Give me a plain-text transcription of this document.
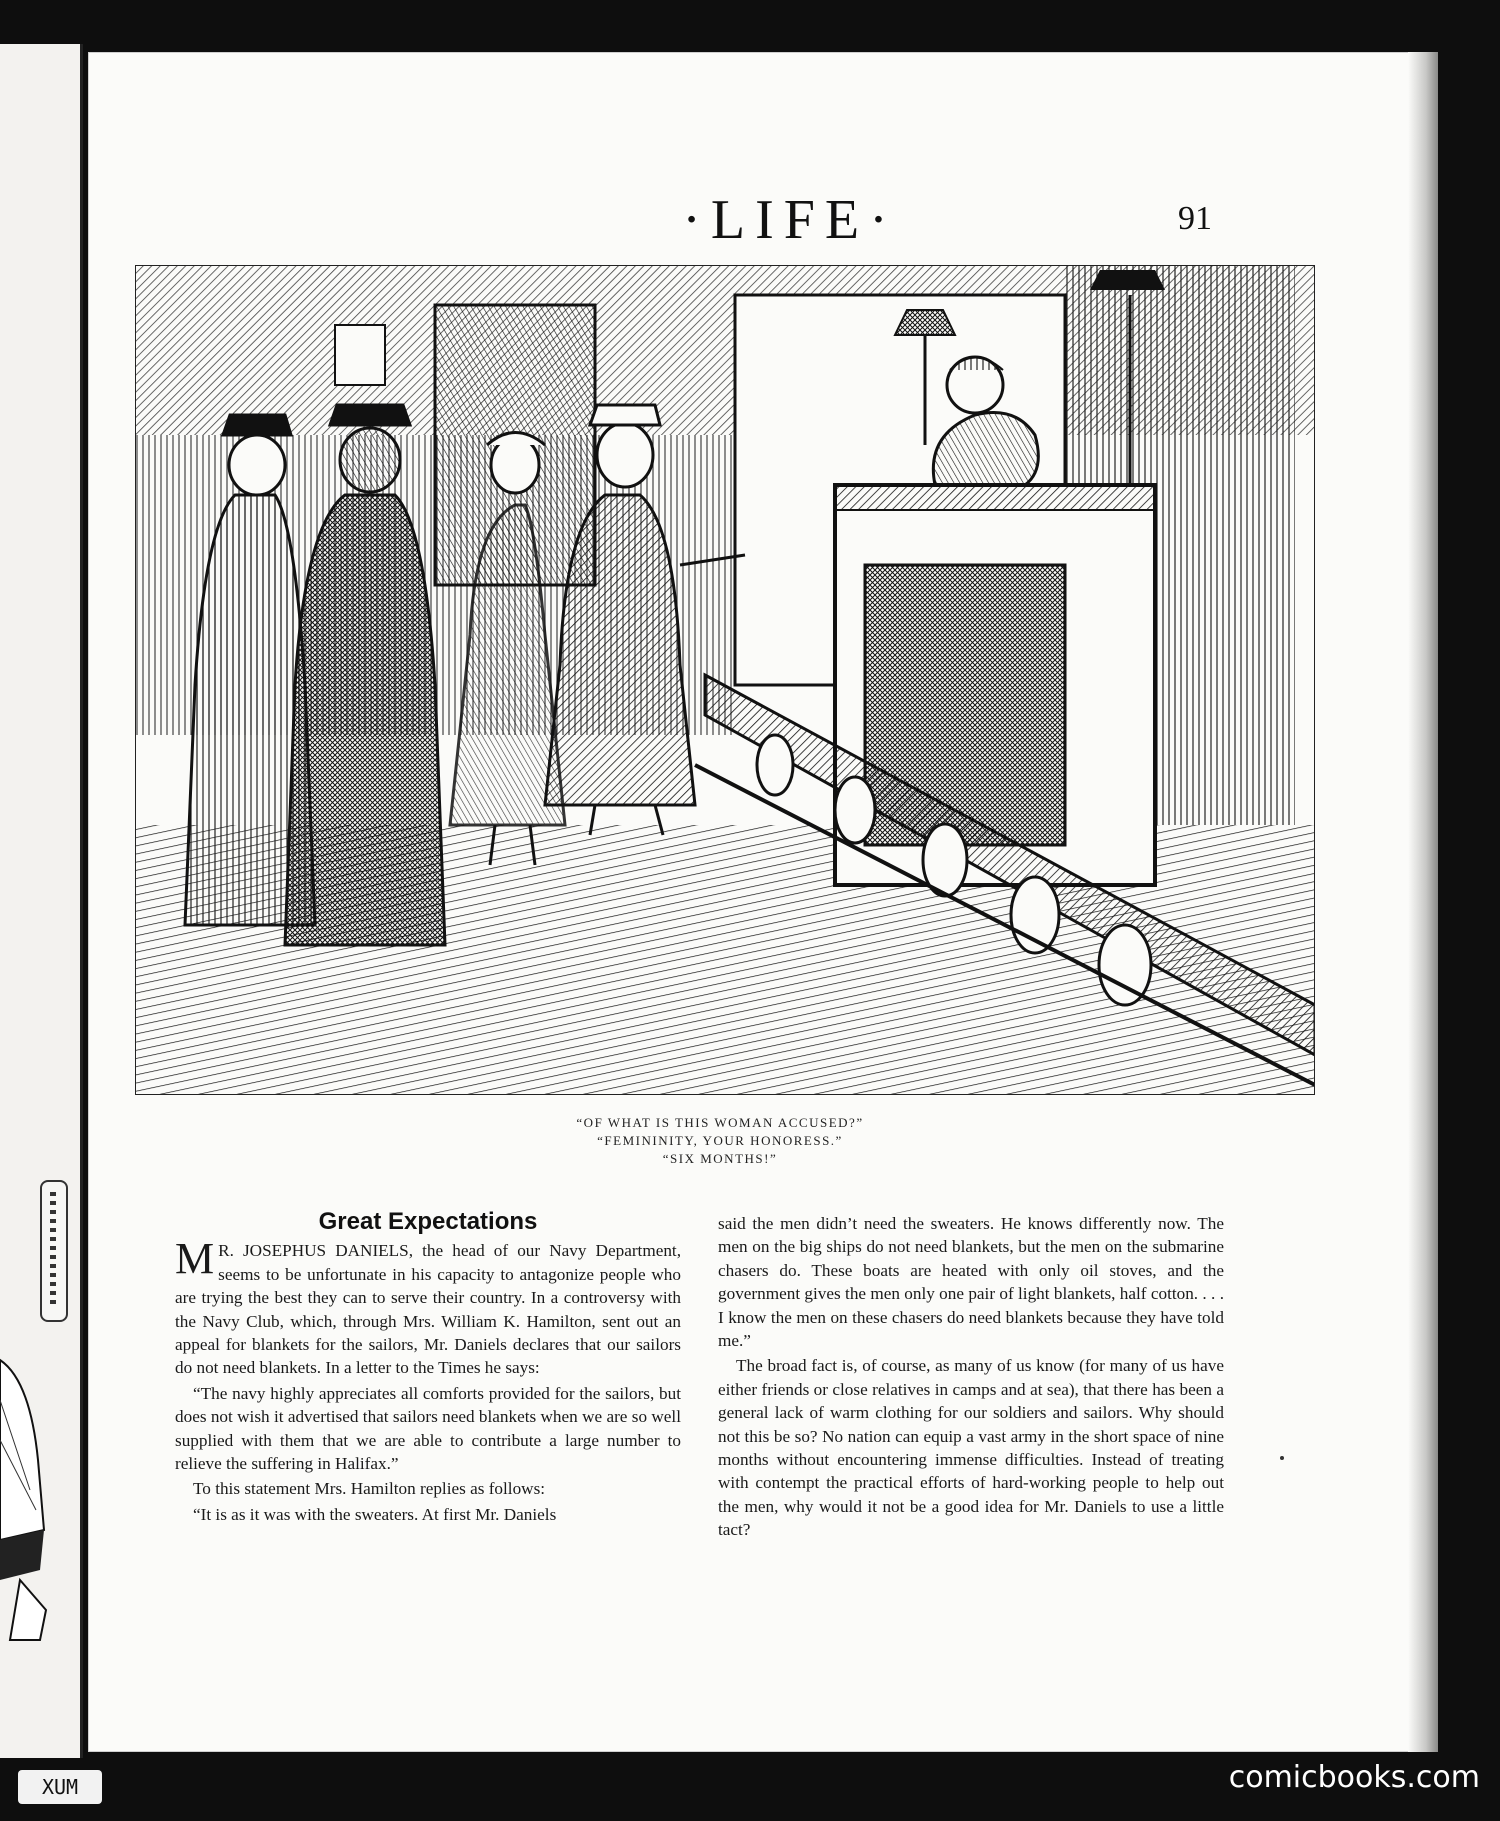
·LIFE·	91
“OF WHAT IS THIS WOMAN ACCUSED?”
“FEMININITY, YOUR HONORESS.”
“SIX MONTHS!”
Great Expectations

M R. JOSEPHUS DANIELS, the head of our Navy Department, seems to be unfortunate in his capacity to antagonize people who are trying the best they can to serve their country. In a controversy with the Navy Club, which, through Mrs. William K. Hamilton, sent out an appeal for blankets for the sailors, Mr. Daniels declares that our sailors do not need blankets. In a letter to the Times he says:

“The navy highly appreciates all comforts provided for the sailors, but does not wish it advertised that sailors need blankets when we are so well supplied with them that we are able to contribute a large number to relieve the suffering in Halifax.”

To this statement Mrs. Hamilton replies as follows:

“It is as it was with the sweaters. At first Mr. Daniels

said the men didn’t need the sweaters. He knows differently now. The men on the big ships do not need blankets, but the men on the submarine chasers do. These boats are heated with only oil stoves, and the government gives the men only one pair of light blankets, half cotton. . . . I know the men on these chasers do need blankets because they have told me.”

The broad fact is, of course, as many of us know (for many of us have either friends or close relatives in camps and at sea), that there has been a general lack of warm clothing for our soldiers and sailors. Why should not this be so? No nation can equip a vast army in the short space of nine months without encountering immense difficulties. Instead of treating with contempt the practical efforts of hard-working people to help out the men, why would it not be a good idea for Mr. Daniels to use a little tact?

XUM	comicbooks.com
